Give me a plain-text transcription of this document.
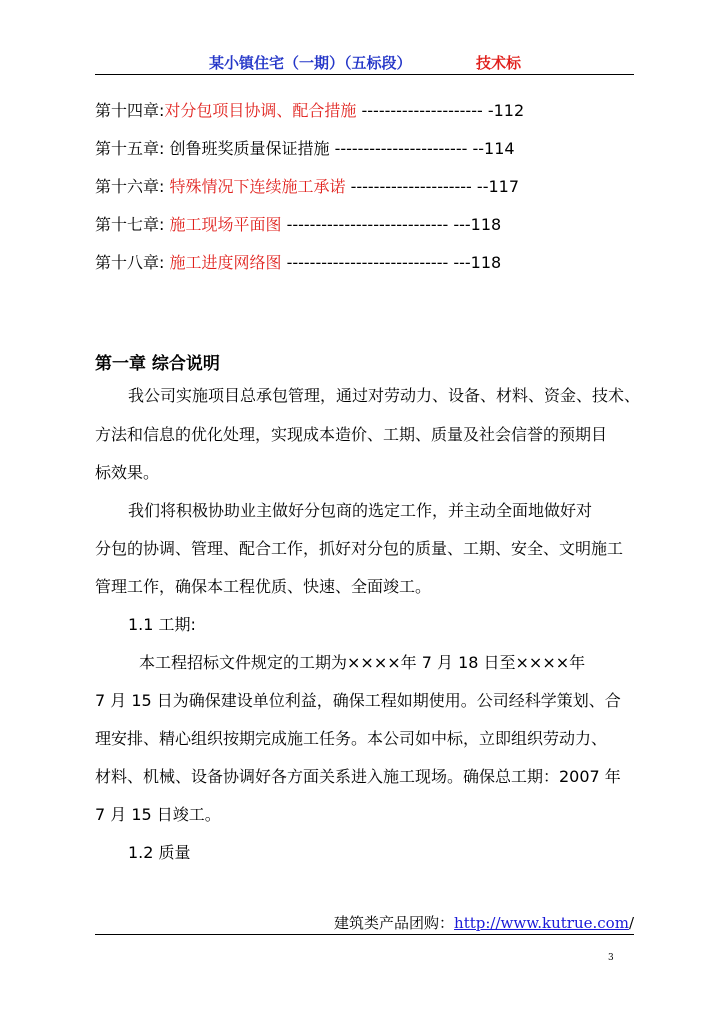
某小镇住宅（一期）（五标段）	技术标
第十四章:对分包项目协调、配合措施 --------------------- -112
第十五章: 创鲁班奖质量保证措施 ----------------------- --114
第十六章: 特殊情况下连续施工承诺 --------------------- --117
第十七章: 施工现场平面图 ---------------------------- ---118
第十八章: 施工进度网络图 ---------------------------- ---118
第一章 综合说明
我公司实施项目总承包管理，通过对劳动力、设备、材料、资金、技术、
方法和信息的优化处理，实现成本造价、工期、质量及社会信誉的预期目
标效果。
我们将积极协助业主做好分包商的选定工作，并主动全面地做好对
分包的协调、管理、配合工作，抓好对分包的质量、工期、安全、文明施工
管理工作，确保本工程优质、快速、全面竣工。
1.1 工期:
本工程招标文件规定的工期为××××年 7 月 18 日至××××年
7 月 15 日为确保建设单位利益，确保工程如期使用。公司经科学策划、合
理安排、精心组织按期完成施工任务。本公司如中标，立即组织劳动力、
材料、机械、设备协调好各方面关系进入施工现场。确保总工期：2007 年
7 月 15 日竣工。
1.2 质量
建筑类产品团购：http://www.kutrue.com/
3
